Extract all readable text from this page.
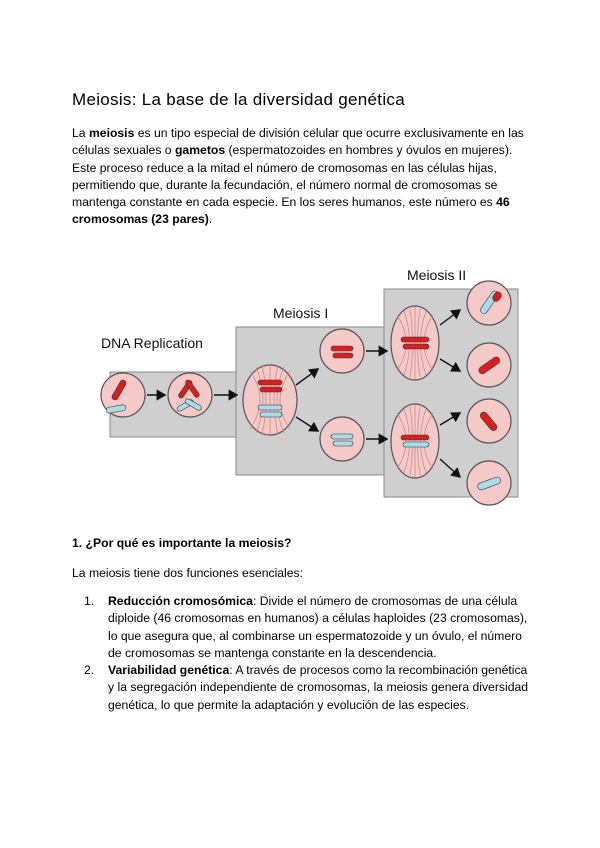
Meiosis: La base de la diversidad genética

La meiosis es un tipo especial de división celular que ocurre exclusivamente en las células sexuales o gametos (espermatozoides en hombres y óvulos en mujeres). Este proceso reduce a la mitad el número de cromosomas en las células hijas, permitiendo que, durante la fecundación, el número normal de cromosomas se mantenga constante en cada especie. En los seres humanos, este número es 46 cromosomas (23 pares).

DNA Replication
Meiosis I
Meiosis II
1. ¿Por qué es importante la meiosis?

La meiosis tiene dos funciones esenciales:

1.	Reducción cromosómica: Divide el número de cromosomas de una célula diploide (46 cromosomas en humanos) a células haploides (23 cromosomas), lo que asegura que, al combinarse un espermatozoide y un óvulo, el número de cromosomas se mantenga constante en la descendencia.
2.	Variabilidad genética: A través de procesos como la recombinación genética y la segregación independiente de cromosomas, la meiosis genera diversidad genética, lo que permite la adaptación y evolución de las especies.
